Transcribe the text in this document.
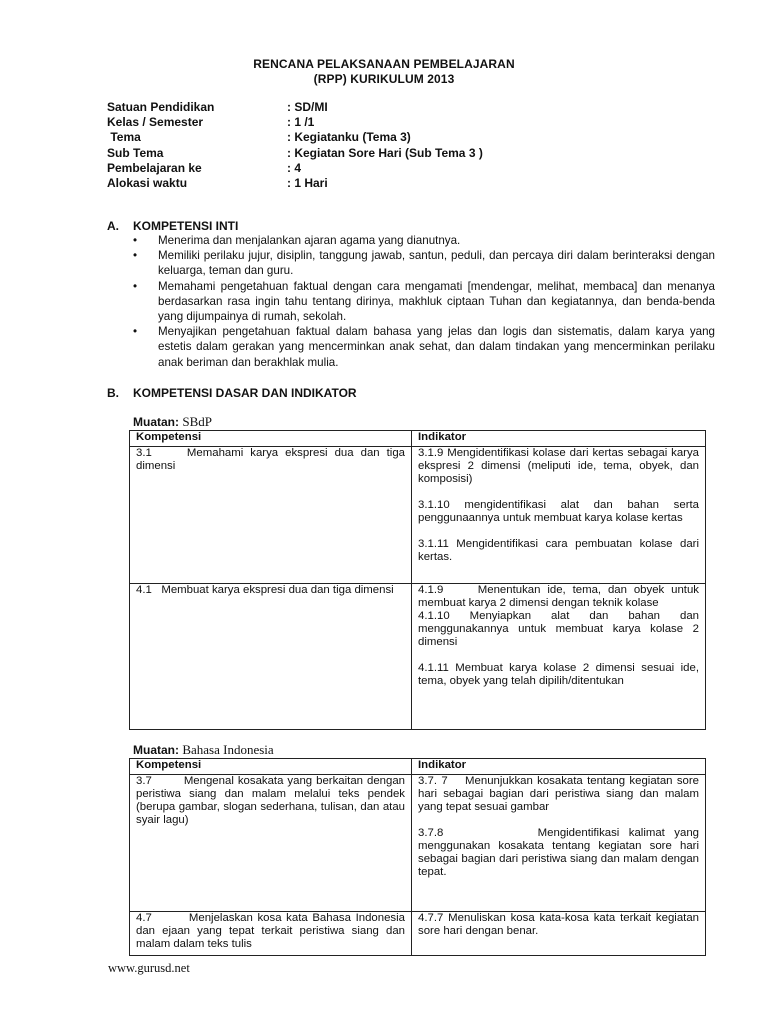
RENCANA PELAKSANAAN PEMBELAJARAN
(RPP) KURIKULUM 2013
Satuan Pendidikan	: SD/MI
Kelas / Semester	: 1 /1
Tema	: Kegiatanku (Tema 3)
Sub Tema	: Kegiatan Sore Hari (Sub Tema 3 )
Pembelajaran ke	: 4
Alokasi waktu	: 1 Hari
A. KOMPETENSI INTI
• Menerima dan menjalankan ajaran agama yang dianutnya.
• Memiliki perilaku jujur, disiplin, tanggung jawab, santun, peduli, dan percaya diri dalam berinteraksi dengan keluarga, teman dan guru.
• Memahami pengetahuan faktual dengan cara mengamati [mendengar, melihat, membaca] dan menanya berdasarkan rasa ingin tahu tentang dirinya, makhluk ciptaan Tuhan dan kegiatannya, dan benda-benda yang dijumpainya di rumah, sekolah.
• Menyajikan pengetahuan faktual dalam bahasa yang jelas dan logis dan sistematis, dalam karya yang estetis dalam gerakan yang mencerminkan anak sehat, dan dalam tindakan yang mencerminkan perilaku anak beriman dan berakhlak mulia.
B. KOMPETENSI DASAR DAN INDIKATOR
Muatan: SBdP
Kompetensi	Indikator
3.1     Memahami karya ekspresi dua dan tiga dimensi	3.1.9 Mengidentifikasi kolase dari kertas sebagai karya ekspresi 2 dimensi (meliputi ide, tema, obyek, dan komposisi)

3.1.10 mengidentifikasi alat dan bahan serta penggunaannya untuk membuat karya kolase kertas

3.1.11 Mengidentifikasi cara pembuatan kolase dari kertas.

4.1   Membuat karya ekspresi dua dan tiga dimensi	4.1.9     Menentukan ide, tema, dan obyek untuk membuat karya 2 dimensi dengan teknik kolase
4.1.10 Menyiapkan alat dan bahan dan menggunakannya untuk membuat karya kolase 2 dimensi

4.1.11 Membuat karya kolase 2 dimensi sesuai ide, tema, obyek yang telah dipilih/ditentukan

Muatan: Bahasa Indonesia
Kompetensi	Indikator
3.7        Mengenal kosakata yang berkaitan dengan peristiwa siang dan malam melalui teks pendek (berupa gambar, slogan sederhana, tulisan, dan atau syair lagu)	3.7. 7    Menunjukkan kosakata tentang kegiatan sore hari sebagai bagian dari peristiwa siang dan malam yang tepat sesuai gambar

3.7.8          Mengidentifikasi kalimat yang menggunakan kosakata tentang kegiatan sore hari sebagai bagian dari peristiwa siang dan malam dengan tepat.

4.7        Menjelaskan kosa kata Bahasa Indonesia dan ejaan yang tepat terkait peristiwa siang dan malam dalam teks tulis	4.7.7 Menuliskan kosa kata-kosa kata terkait kegiatan sore hari dengan benar.

www.gurusd.net
